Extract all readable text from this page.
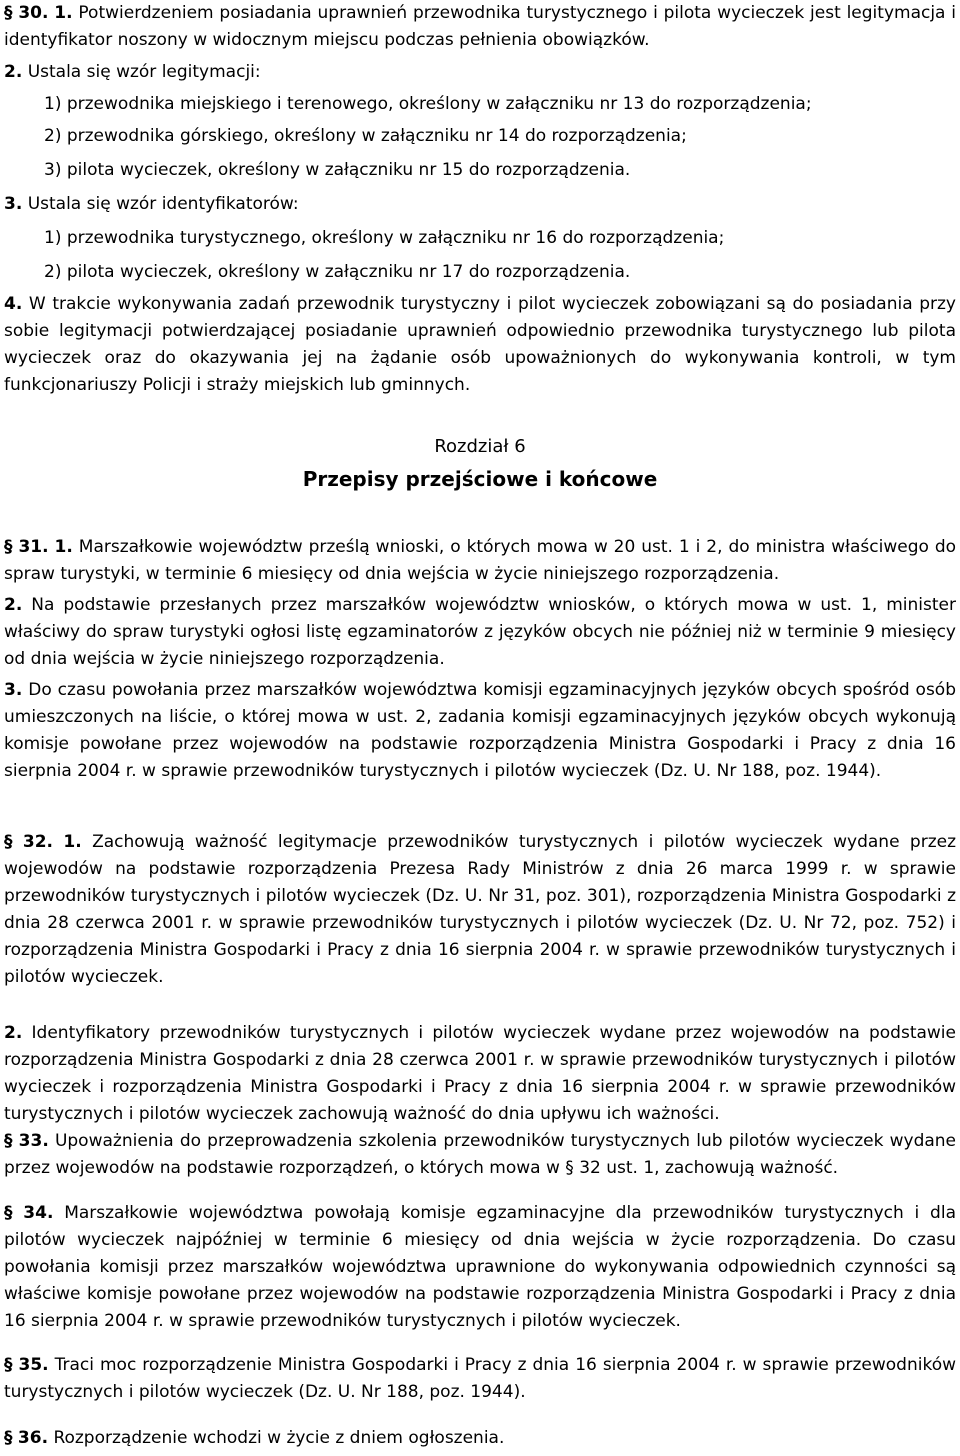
§ 30. 1. Potwierdzeniem posiadania uprawnień przewodnika turystycznego i pilota wycieczek jest legitymacja i identyfikator noszony w widocznym miejscu podczas pełnienia obowiązków.
2. Ustala się wzór legitymacji:
1) przewodnika miejskiego i terenowego, określony w załączniku nr 13 do rozporządzenia;
2) przewodnika górskiego, określony w załączniku nr 14 do rozporządzenia;
3) pilota wycieczek, określony w załączniku nr 15 do rozporządzenia.
3. Ustala się wzór identyfikatorów:
1) przewodnika turystycznego, określony w załączniku nr 16 do rozporządzenia;
2) pilota wycieczek, określony w załączniku nr 17 do rozporządzenia.
4. W trakcie wykonywania zadań przewodnik turystyczny i pilot wycieczek zobowiązani są do posiadania przy sobie legitymacji potwierdzającej posiadanie uprawnień odpowiednio przewodnika turystycznego lub pilota wycieczek oraz do okazywania jej na żądanie osób upoważnionych do wykonywania kontroli, w tym funkcjonariuszy Policji i straży miejskich lub gminnych.
Rozdział 6
Przepisy przejściowe i końcowe
§ 31. 1. Marszałkowie województw prześlą wnioski, o których mowa w 20 ust. 1 i 2, do ministra właściwego do spraw turystyki, w terminie 6 miesięcy od dnia wejścia w życie niniejszego rozporządzenia.
2. Na podstawie przesłanych przez marszałków województw wniosków, o których mowa w ust. 1, minister właściwy do spraw turystyki ogłosi listę egzaminatorów z języków obcych nie później niż w terminie 9 miesięcy od dnia wejścia w życie niniejszego rozporządzenia.
3. Do czasu powołania przez marszałków województwa komisji egzaminacyjnych języków obcych spośród osób umieszczonych na liście, o której mowa w ust. 2, zadania komisji egzaminacyjnych języków obcych wykonują komisje powołane przez wojewodów na podstawie rozporządzenia Ministra Gospodarki i Pracy z dnia 16 sierpnia 2004 r. w sprawie przewodników turystycznych i pilotów wycieczek (Dz. U. Nr 188, poz. 1944).
§ 32. 1. Zachowują ważność legitymacje przewodników turystycznych i pilotów wycieczek wydane przez wojewodów na podstawie rozporządzenia Prezesa Rady Ministrów z dnia 26 marca 1999 r. w sprawie przewodników turystycznych i pilotów wycieczek (Dz. U. Nr 31, poz. 301), rozporządzenia Ministra Gospodarki z dnia 28 czerwca 2001 r. w sprawie przewodników turystycznych i pilotów wycieczek (Dz. U. Nr 72, poz. 752) i rozporządzenia Ministra Gospodarki i Pracy z dnia 16 sierpnia 2004 r. w sprawie przewodników turystycznych i pilotów wycieczek.
2. Identyfikatory przewodników turystycznych i pilotów wycieczek wydane przez wojewodów na podstawie rozporządzenia Ministra Gospodarki z dnia 28 czerwca 2001 r. w sprawie przewodników turystycznych i pilotów wycieczek i rozporządzenia Ministra Gospodarki i Pracy z dnia 16 sierpnia 2004 r. w sprawie przewodników turystycznych i pilotów wycieczek zachowują ważność do dnia upływu ich ważności.
§ 33. Upoważnienia do przeprowadzenia szkolenia przewodników turystycznych lub pilotów wycieczek wydane przez wojewodów na podstawie rozporządzeń, o których mowa w § 32 ust. 1, zachowują ważność.
§ 34. Marszałkowie województwa powołają komisje egzaminacyjne dla przewodników turystycznych i dla pilotów wycieczek najpóźniej w terminie 6 miesięcy od dnia wejścia w życie rozporządzenia. Do czasu powołania komisji przez marszałków województwa uprawnione do wykonywania odpowiednich czynności są właściwe komisje powołane przez wojewodów na podstawie rozporządzenia Ministra Gospodarki i Pracy z dnia 16 sierpnia 2004 r. w sprawie przewodników turystycznych i pilotów wycieczek.
§ 35. Traci moc rozporządzenie Ministra Gospodarki i Pracy z dnia 16 sierpnia 2004 r. w sprawie przewodników turystycznych i pilotów wycieczek (Dz. U. Nr 188, poz. 1944).
§ 36. Rozporządzenie wchodzi w życie z dniem ogłoszenia.
